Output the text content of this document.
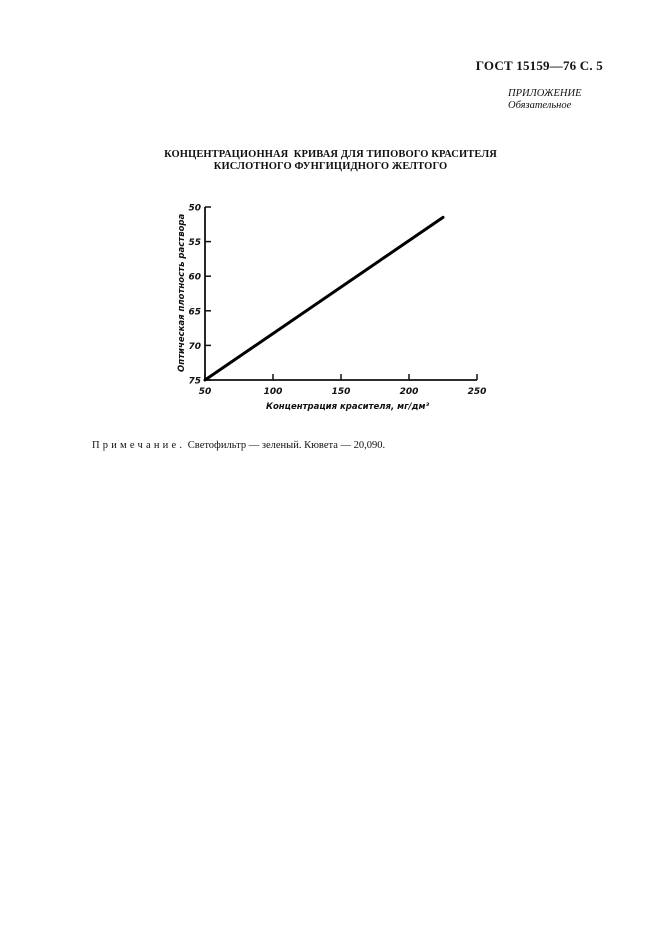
ГОСТ 15159—76 С. 5
ПРИЛОЖЕНИЕ
Обязательное
КОНЦЕНТРАЦИОННАЯ  КРИВАЯ ДЛЯ ТИПОВОГО КРАСИТЕЛЯ
КИСЛОТНОГО ФУНГИЦИДНОГО ЖЕЛТОГО
50
55
60
65
70
75
50	100	150	200	250
Концентрация красителя, мг/дм³
Оптическая плотность раствора
Примечание. Светофильтр — зеленый. Кювета — 20,090.
